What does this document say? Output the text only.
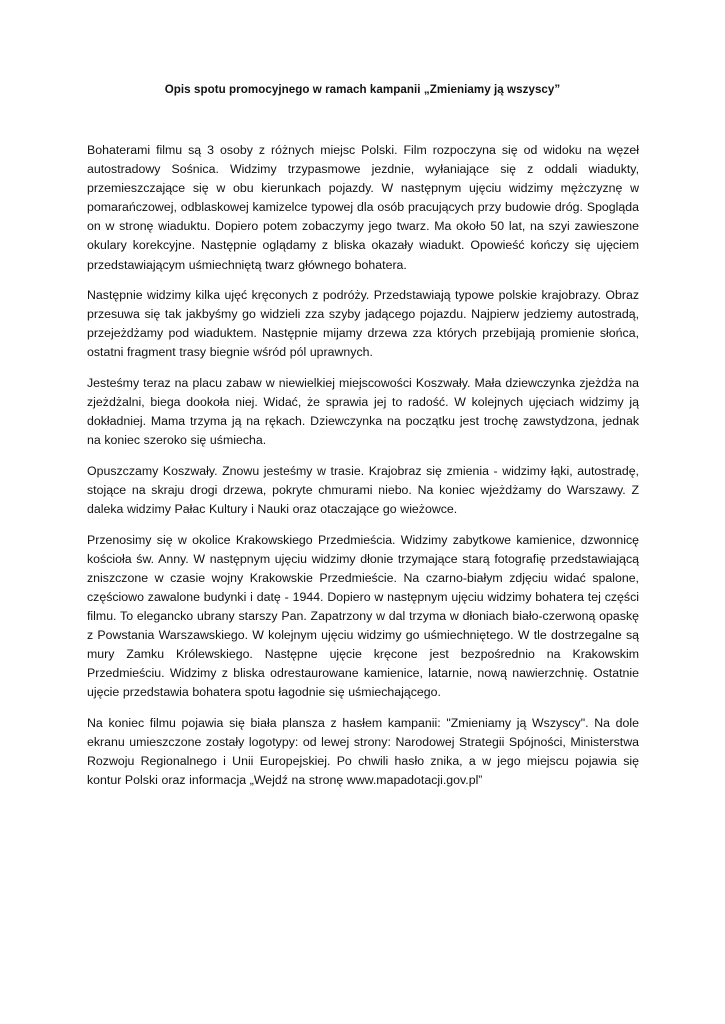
Opis spotu promocyjnego w ramach kampanii „Zmieniamy ją wszyscy”

Bohaterami filmu są 3 osoby z różnych miejsc Polski. Film rozpoczyna się od widoku na węzeł autostradowy Sośnica. Widzimy trzypasmowe jezdnie, wyłaniające się z oddali wiadukty, przemieszczające się w obu kierunkach pojazdy. W następnym ujęciu widzimy mężczyznę w pomarańczowej, odblaskowej kamizelce typowej dla osób pracujących przy budowie dróg. Spogląda on w stronę wiaduktu. Dopiero potem zobaczymy jego twarz. Ma około 50 lat, na szyi zawieszone okulary korekcyjne. Następnie oglądamy z bliska okazały wiadukt. Opowieść kończy się ujęciem przedstawiającym uśmiechniętą twarz głównego bohatera.

Następnie widzimy kilka ujęć kręconych z podróży. Przedstawiają typowe polskie krajobrazy. Obraz przesuwa się tak jakbyśmy go widzieli zza szyby jadącego pojazdu. Najpierw jedziemy autostradą, przejeżdżamy pod wiaduktem. Następnie mijamy drzewa zza których przebijają promienie słońca, ostatni fragment trasy biegnie wśród pól uprawnych.

Jesteśmy teraz na placu zabaw w niewielkiej miejscowości Koszwały. Mała dziewczynka zjeżdża na zjeżdżalni, biega dookoła niej. Widać, że sprawia jej to radość. W kolejnych ujęciach widzimy ją dokładniej. Mama trzyma ją na rękach. Dziewczynka na początku jest trochę zawstydzona, jednak na koniec szeroko się uśmiecha.

Opuszczamy Koszwały. Znowu jesteśmy w trasie. Krajobraz się zmienia - widzimy łąki, autostradę, stojące na skraju drogi drzewa, pokryte chmurami niebo. Na koniec wjeżdżamy do Warszawy. Z daleka widzimy Pałac Kultury i Nauki oraz otaczające go wieżowce.

Przenosimy się w okolice Krakowskiego Przedmieścia. Widzimy zabytkowe kamienice, dzwonnicę kościoła św. Anny. W następnym ujęciu widzimy dłonie trzymające starą fotografię przedstawiającą zniszczone w czasie wojny Krakowskie Przedmieście. Na czarno-białym zdjęciu widać spalone, częściowo zawalone budynki i datę - 1944. Dopiero w następnym ujęciu widzimy bohatera tej części filmu. To elegancko ubrany starszy Pan. Zapatrzony w dal trzyma w dłoniach biało-czerwoną opaskę z Powstania Warszawskiego. W kolejnym ujęciu widzimy go uśmiechniętego. W tle dostrzegalne są mury Zamku Królewskiego. Następne ujęcie kręcone jest bezpośrednio na Krakowskim Przedmieściu. Widzimy z bliska odrestaurowane kamienice, latarnie, nową nawierzchnię. Ostatnie ujęcie przedstawia bohatera spotu łagodnie się uśmiechającego.

Na koniec filmu pojawia się biała plansza z hasłem kampanii: "Zmieniamy ją Wszyscy". Na dole ekranu umieszczone zostały logotypy: od lewej strony: Narodowej Strategii Spójności, Ministerstwa Rozwoju Regionalnego i Unii Europejskiej. Po chwili hasło znika, a w jego miejscu pojawia się kontur Polski oraz informacja „Wejdź na stronę www.mapadotacji.gov.pl”
